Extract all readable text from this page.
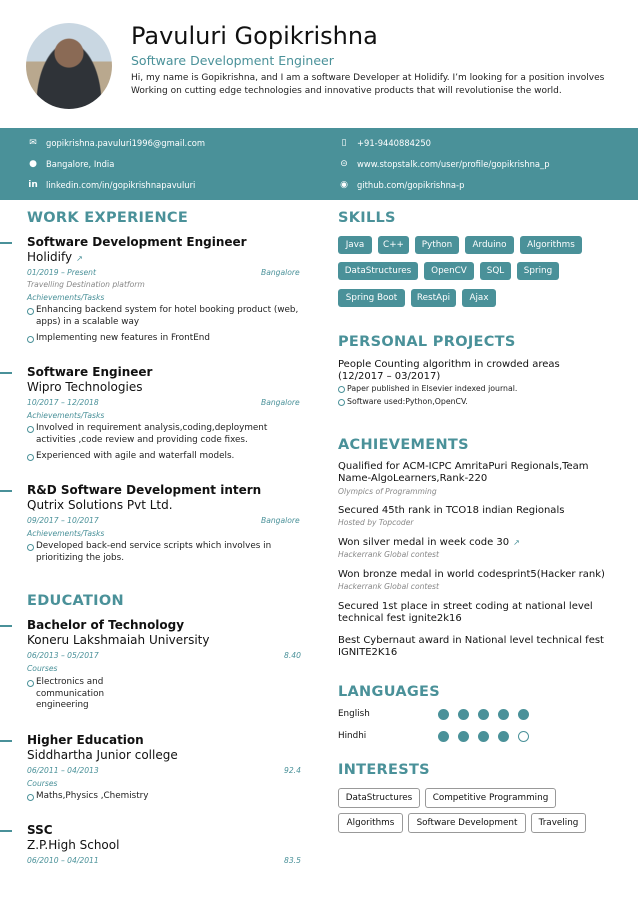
Pavuluri Gopikrishna
Software Development Engineer
Hi, my name is Gopikrishna, and I am a software Developer at Holidify. I’m looking for a position involves Working on cutting edge technologies and innovative products that will revolutionise the world.
✉ gopikrishna.pavuluri1996@gmail.com	▯	+91-9440884250
● Bangalore, India	⊝ www.stopstalk.com/user/profile/gopikrishna_p
in linkedin.com/in/gopikrishnapavuluri	◉ github.com/gopikrishna-p
WORK EXPERIENCE
Software Development Engineer
Holidify ↗
01/2019 – Present	Bangalore
Travelling Destination platform
Achievements/Tasks
Enhancing backend system for hotel booking product (web, apps) in a scalable way
Implementing new features in FrontEnd
Software Engineer
Wipro Technologies
10/2017 – 12/2018	Bangalore
Achievements/Tasks
Involved in requirement analysis,coding,deployment activities ,code review and providing code fixes.
Experienced with agile and waterfall models.
R&D Software Development intern
Qutrix Solutions Pvt Ltd.
09/2017 – 10/2017	Bangalore
Achievements/Tasks
Developed back-end service scripts which involves in prioritizing the jobs.
EDUCATION
Bachelor of Technology
Koneru Lakshmaiah University
06/2013 – 05/2017	8.40
Courses
Electronics and communication engineering
Higher Education
Siddhartha Junior college
06/2011 – 04/2013	92.4
Courses
Maths,Physics ,Chemistry
SSC
Z.P.High School
06/2010 – 04/2011	83.5
SKILLS
Java	C++	Python	Arduino	Algorithms
DataStructures	OpenCV	SQL	Spring
Spring Boot	RestApi	Ajax
PERSONAL PROJECTS
People Counting algorithm in crowded areas (12/2017 – 03/2017)
Paper published in Elsevier indexed journal.
Software used:Python,OpenCV.
ACHIEVEMENTS
Qualified for ACM-ICPC AmritaPuri Regionals,Team Name-AlgoLearners,Rank-220
Olympics of Programming
Secured 45th rank in TCO18 indian Regionals
Hosted by Topcoder
Won silver medal in week code 30 ↗
Hackerrank Global contest
Won bronze medal in world codesprint5(Hacker rank)
Hackerrank Global contest
Secured 1st place in street coding at national level technical fest ignite2k16
Best Cybernaut award in National level technical fest IGNITE2K16
LANGUAGES
English
Hindhi
INTERESTS
DataStructures	Competitive Programming
Algorithms	Software Development	Traveling
